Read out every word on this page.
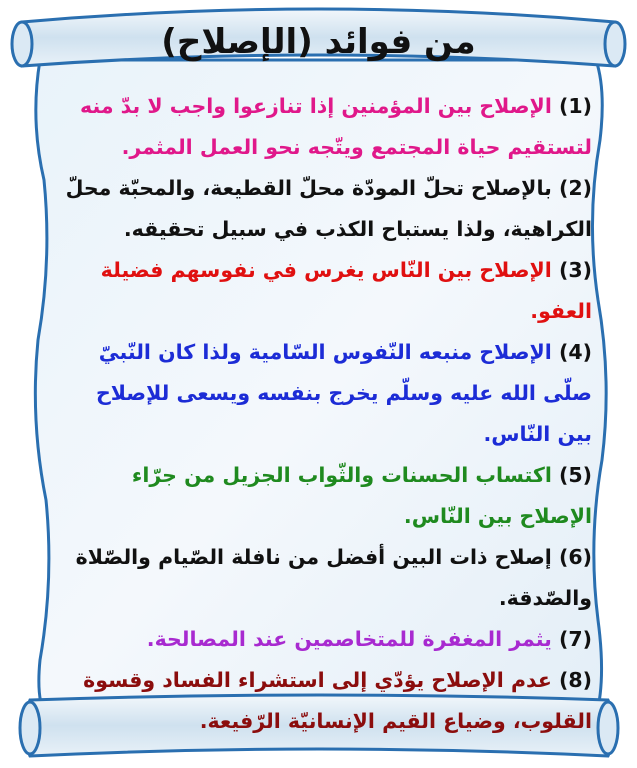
من فوائد (الإصلاح)

(1) الإصلاح بين المؤمنين إذا تنازعوا واجب لا بدّ منه لتستقيم حياة المجتمع ويتّجه نحو العمل المثمر.

(2) بالإصلاح تحلّ المودّة محلّ القطيعة، والمحبّة محلّ الكراهية، ولذا يستباح الكذب في سبيل تحقيقه.

(3) الإصلاح بين النّاس يغرس في نفوسهم فضيلة العفو.

(4) الإصلاح منبعه النّفوس السّامية ولذا كان النّبيّ صلّى الله عليه وسلّم يخرج بنفسه ويسعى للإصلاح بين النّاس.

(5) اكتساب الحسنات والثّواب الجزيل من جرّاء الإصلاح بين النّاس.

(6) إصلاح ذات البين أفضل من نافلة الصّيام والصّلاة والصّدقة.

(7) يثمر المغفرة للمتخاصمين عند المصالحة.

(8) عدم الإصلاح يؤدّي إلى استشراء الفساد وقسوة القلوب، وضياع القيم الإنسانيّة الرّفيعة.
